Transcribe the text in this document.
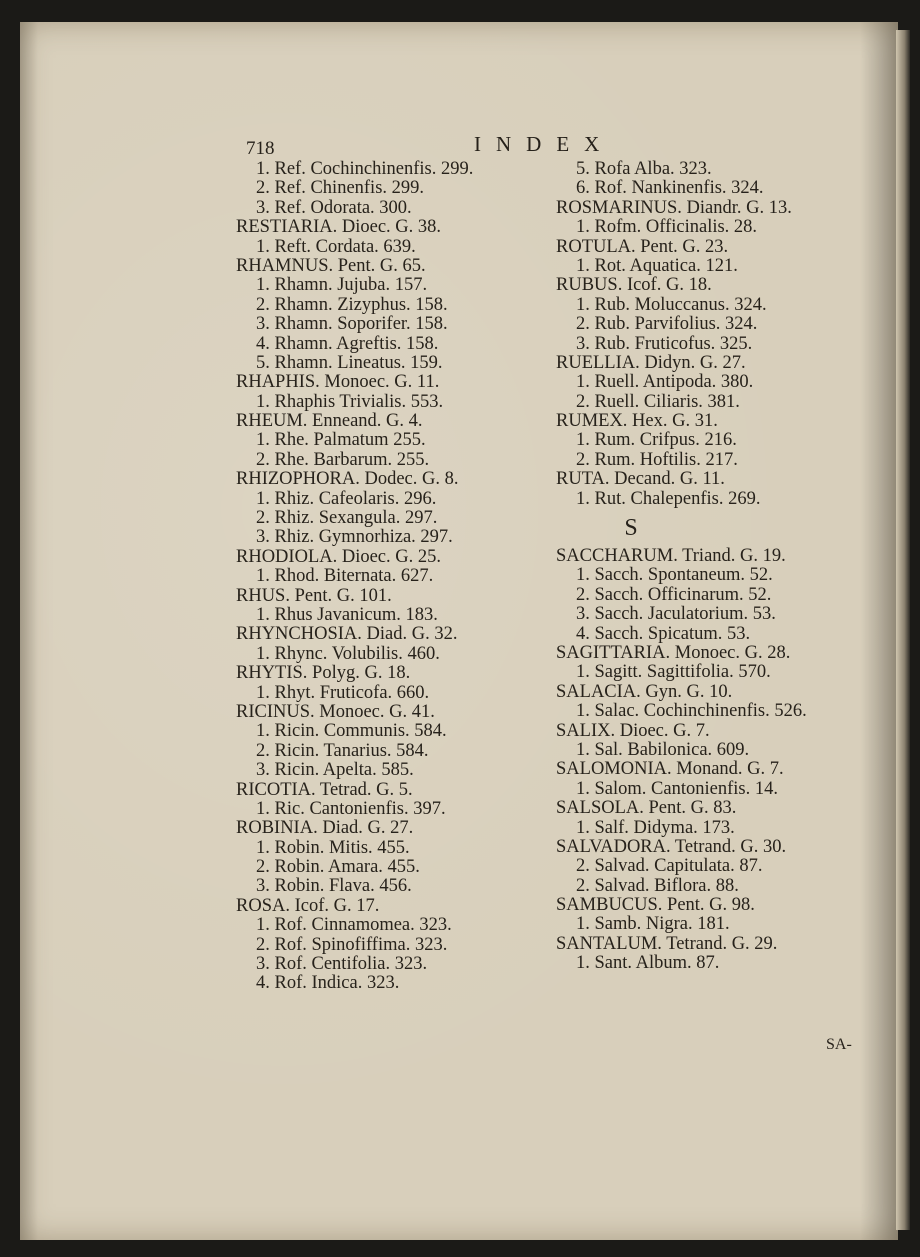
718	INDEX
1. Ref. Cochinchinenfis. 299.
2. Ref. Chinenfis. 299.
3. Ref. Odorata. 300.
RESTIARIA. Dioec. G. 38.
1. Reft. Cordata. 639.
RHAMNUS. Pent. G. 65.
1. Rhamn. Jujuba. 157.
2. Rhamn. Zizyphus. 158.
3. Rhamn. Soporifer. 158.
4. Rhamn. Agreftis. 158.
5. Rhamn. Lineatus. 159.
RHAPHIS. Monoec. G. 11.
1. Rhaphis Trivialis. 553.
RHEUM. Enneand. G. 4.
1. Rhe. Palmatum 255.
2. Rhe. Barbarum. 255.
RHIZOPHORA. Dodec. G. 8.
1. Rhiz. Cafeolaris. 296.
2. Rhiz. Sexangula. 297.
3. Rhiz. Gymnorhiza. 297.
RHODIOLA. Dioec. G. 25.
1. Rhod. Biternata. 627.
RHUS. Pent. G. 101.
1. Rhus Javanicum. 183.
RHYNCHOSIA. Diad. G. 32.
1. Rhync. Volubilis. 460.
RHYTIS. Polyg. G. 18.
1. Rhyt. Fruticofa. 660.
RICINUS. Monoec. G. 41.
1. Ricin. Communis. 584.
2. Ricin. Tanarius. 584.
3. Ricin. Apelta. 585.
RICOTIA. Tetrad. G. 5.
1. Ric. Cantonienfis. 397.
ROBINIA. Diad. G. 27.
1. Robin. Mitis. 455.
2. Robin. Amara. 455.
3. Robin. Flava. 456.
ROSA. Icof. G. 17.
1. Rof. Cinnamomea. 323.
2. Rof. Spinofiffima. 323.
3. Rof. Centifolia. 323.
4. Rof. Indica. 323.
5. Rofa Alba. 323.
6. Rof. Nankinenfis. 324.
ROSMARINUS. Diandr. G. 13.
1. Rofm. Officinalis. 28.
ROTULA. Pent. G. 23.
1. Rot. Aquatica. 121.
RUBUS. Icof. G. 18.
1. Rub. Moluccanus. 324.
2. Rub. Parvifolius. 324.
3. Rub. Fruticofus. 325.
RUELLIA. Didyn. G. 27.
1. Ruell. Antipoda. 380.
2. Ruell. Ciliaris. 381.
RUMEX. Hex. G. 31.
1. Rum. Crifpus. 216.
2. Rum. Hoftilis. 217.
RUTA. Decand. G. 11.
1. Rut. Chalepenfis. 269.
S
SACCHARUM. Triand. G. 19.
1. Sacch. Spontaneum. 52.
2. Sacch. Officinarum. 52.
3. Sacch. Jaculatorium. 53.
4. Sacch. Spicatum. 53.
SAGITTARIA. Monoec. G. 28.
1. Sagitt. Sagittifolia. 570.
SALACIA. Gyn. G. 10.
1. Salac. Cochinchinenfis. 526.
SALIX. Dioec. G. 7.
1. Sal. Babilonica. 609.
SALOMONIA. Monand. G. 7.
1. Salom. Cantonienfis. 14.
SALSOLA. Pent. G. 83.
1. Salf. Didyma. 173.
SALVADORA. Tetrand. G. 30.
2. Salvad. Capitulata. 87.
2. Salvad. Biflora. 88.
SAMBUCUS. Pent. G. 98.
1. Samb. Nigra. 181.
SANTALUM. Tetrand. G. 29.
1. Sant. Album. 87.
SA-
